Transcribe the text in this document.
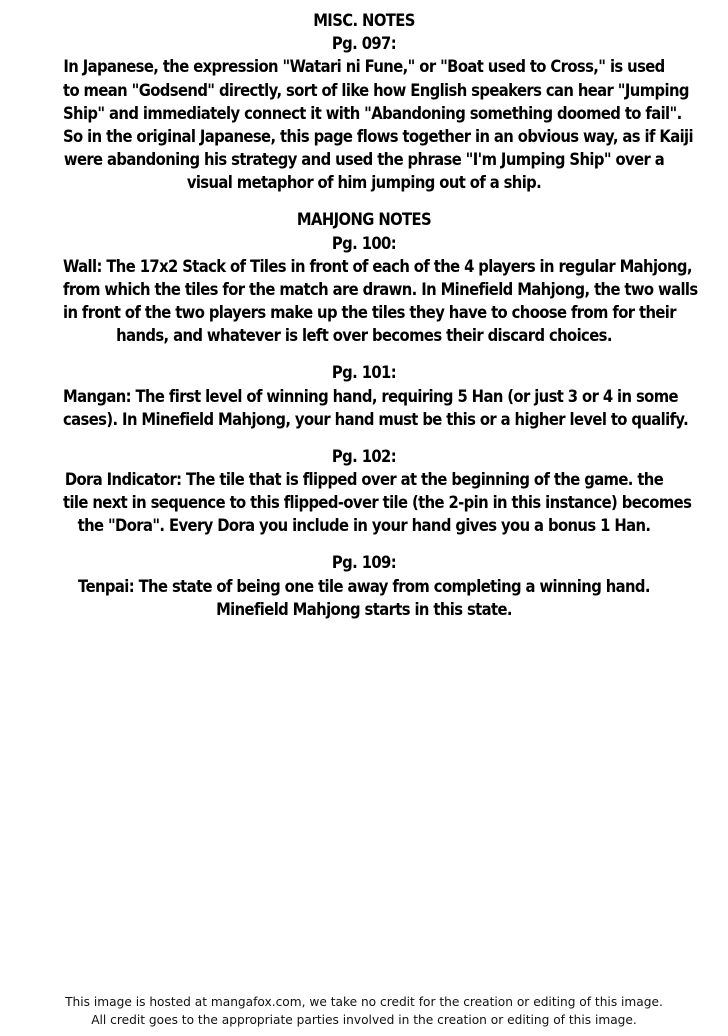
MISC. NOTES
Pg. 097:
In Japanese, the expression "Watari ni Fune," or "Boat used to Cross," is used
to mean "Godsend" directly, sort of like how English speakers can hear "Jumping
Ship" and immediately connect it with "Abandoning something doomed to fail".
So in the original Japanese, this page flows together in an obvious way, as if Kaiji
were abandoning his strategy and used the phrase "I'm Jumping Ship" over a
visual metaphor of him jumping out of a ship.
MAHJONG NOTES
Pg. 100:
Wall: The 17x2 Stack of Tiles in front of each of the 4 players in regular Mahjong,
from which the tiles for the match are drawn. In Minefield Mahjong, the two walls
in front of the two players make up the tiles they have to choose from for their
hands, and whatever is left over becomes their discard choices.
Pg. 101:
Mangan: The first level of winning hand, requiring 5 Han (or just 3 or 4 in some
cases). In Minefield Mahjong, your hand must be this or a higher level to qualify.
Pg. 102:
Dora Indicator: The tile that is flipped over at the beginning of the game. the
tile next in sequence to this flipped-over tile (the 2-pin in this instance) becomes
the "Dora". Every Dora you include in your hand gives you a bonus 1 Han.
Pg. 109:
Tenpai: The state of being one tile away from completing a winning hand.
Minefield Mahjong starts in this state.
This image is hosted at mangafox.com, we take no credit for the creation or editing of this image.
All credit goes to the appropriate parties involved in the creation or editing of this image.
